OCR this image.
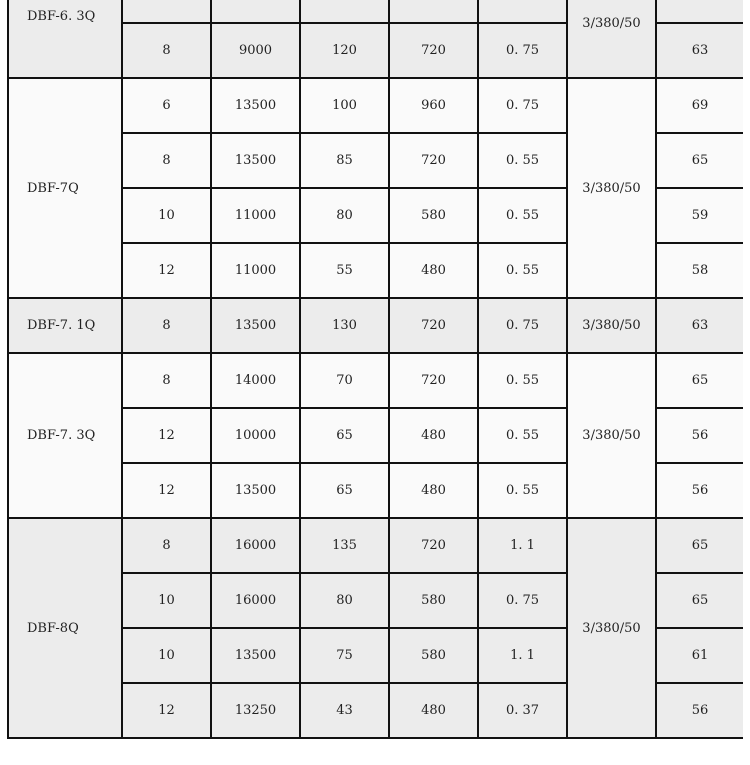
DBF-6. 3Q						3/380/50	
	8	9000	120	720	0. 75		63
DBF-7Q	6	13500	100	960	0. 75	3/380/50	69
	8	13500	85	720	0. 55		65
	10	11000	80	580	0. 55		59
	12	11000	55	480	0. 55		58
DBF-7. 1Q	8	13500	130	720	0. 75	3/380/50	63
DBF-7. 3Q	8	14000	70	720	0. 55	3/380/50	65
	12	10000	65	480	0. 55		56
	12	13500	65	480	0. 55		56
DBF-8Q	8	16000	135	720	1. 1	3/380/50	65
	10	16000	80	580	0. 75		65
	10	13500	75	580	1. 1		61
	12	13250	43	480	0. 37		56
